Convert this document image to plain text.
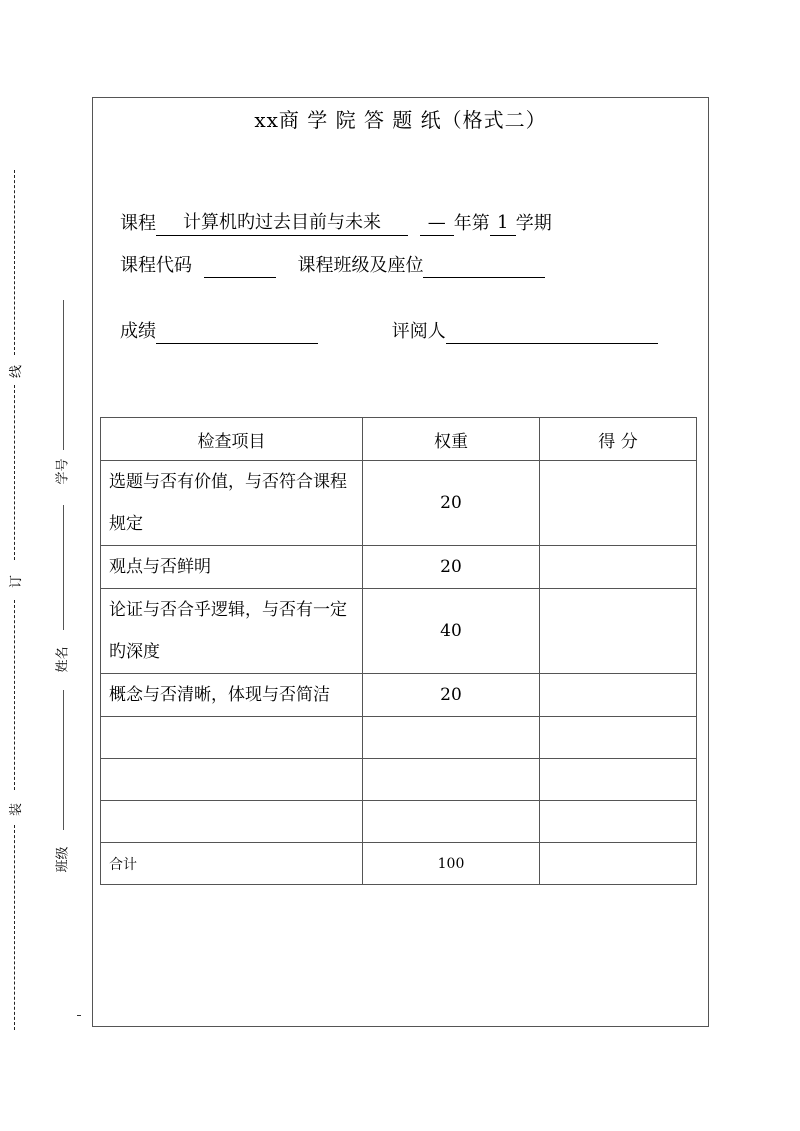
线
订
装
学号
姓名
班级
xx商 学 院 答 题 纸（格式二）
课程 计算机旳过去目前与未来	— 年第 1 学期
课程代码	课程班级及座位
成绩	评阅人
检查项目	权重	得 分
选题与否有价值，与否符合课程规定	20	
观点与否鲜明	20	
论证与否合乎逻辑，与否有一定旳深度	40	
概念与否清晰，体现与否简洁	20	

合计	100	
